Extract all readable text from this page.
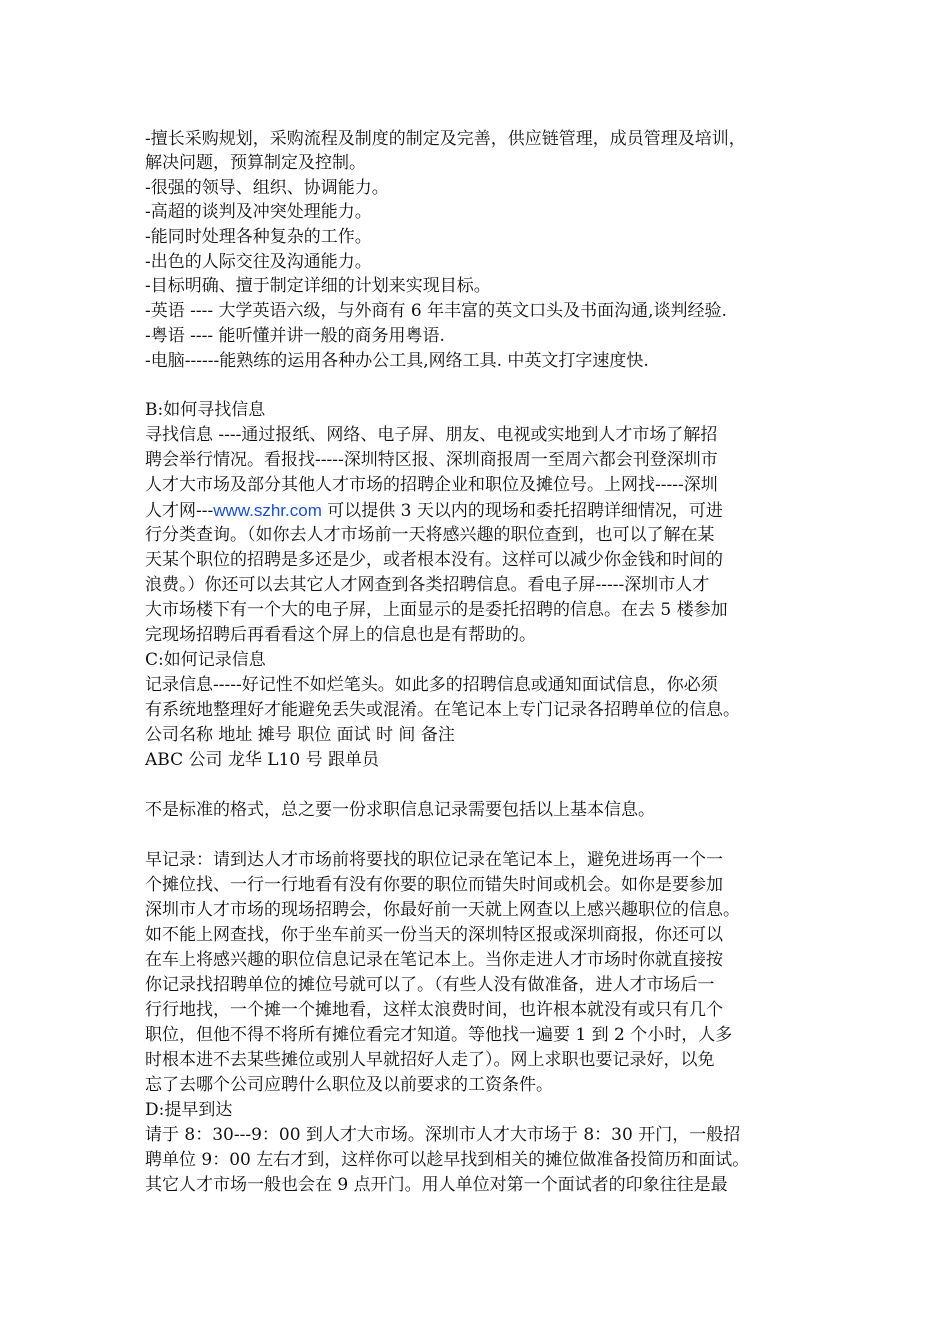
-擅长采购规划，采购流程及制度的制定及完善，供应链管理，成员管理及培训，
解决问题，预算制定及控制。
-很强的领导、组织、协调能力。
-高超的谈判及冲突处理能力。
-能同时处理各种复杂的工作。
-出色的人际交往及沟通能力。
-目标明确、擅于制定详细的计划来实现目标。
-英语 ---- 大学英语六级，与外商有 6 年丰富的英文口头及书面沟通,谈判经验.
-粤语 ---- 能听懂并讲一般的商务用粤语.
-电脑------能熟练的运用各种办公工具,网络工具. 中英文打字速度快.
B:如何寻找信息
寻找信息 ----通过报纸、网络、电子屏、朋友、电视或实地到人才市场了解招
聘会举行情况。看报找-----深圳特区报、深圳商报周一至周六都会刊登深圳市
人才大市场及部分其他人才市场的招聘企业和职位及摊位号。上网找-----深圳
人才网---www.szhr.com 可以提供 3 天以内的现场和委托招聘详细情况，可进
行分类查询。（如你去人才市场前一天将感兴趣的职位查到，也可以了解在某
天某个职位的招聘是多还是少，或者根本没有。这样可以减少你金钱和时间的
浪费。）你还可以去其它人才网查到各类招聘信息。看电子屏-----深圳市人才
大市场楼下有一个大的电子屏，上面显示的是委托招聘的信息。在去 5 楼参加
完现场招聘后再看看这个屏上的信息也是有帮助的。
C:如何记录信息
记录信息-----好记性不如烂笔头。如此多的招聘信息或通知面试信息，你必须
有系统地整理好才能避免丢失或混淆。在笔记本上专门记录各招聘单位的信息。
公司名称 地址 摊号 职位 面试 时 间 备注
ABC 公司 龙华 L10 号 跟单员
不是标准的格式，总之要一份求职信息记录需要包括以上基本信息。
早记录：请到达人才市场前将要找的职位记录在笔记本上，避免进场再一个一
个摊位找、一行一行地看有没有你要的职位而错失时间或机会。如你是要参加
深圳市人才市场的现场招聘会，你最好前一天就上网查以上感兴趣职位的信息。
如不能上网查找，你于坐车前买一份当天的深圳特区报或深圳商报，你还可以
在车上将感兴趣的职位信息记录在笔记本上。当你走进人才市场时你就直接按
你记录找招聘单位的摊位号就可以了。（有些人没有做准备，进人才市场后一
行行地找，一个摊一个摊地看，这样太浪费时间，也许根本就没有或只有几个
职位，但他不得不将所有摊位看完才知道。等他找一遍要 1 到 2 个小时，人多
时根本进不去某些摊位或别人早就招好人走了）。网上求职也要记录好，以免
忘了去哪个公司应聘什么职位及以前要求的工资条件。
D:提早到达
请于 8：30---9：00 到人才大市场。深圳市人才大市场于 8：30 开门，一般招
聘单位 9：00 左右才到，这样你可以趁早找到相关的摊位做准备投简历和面试。
其它人才市场一般也会在 9 点开门。用人单位对第一个面试者的印象往往是最
